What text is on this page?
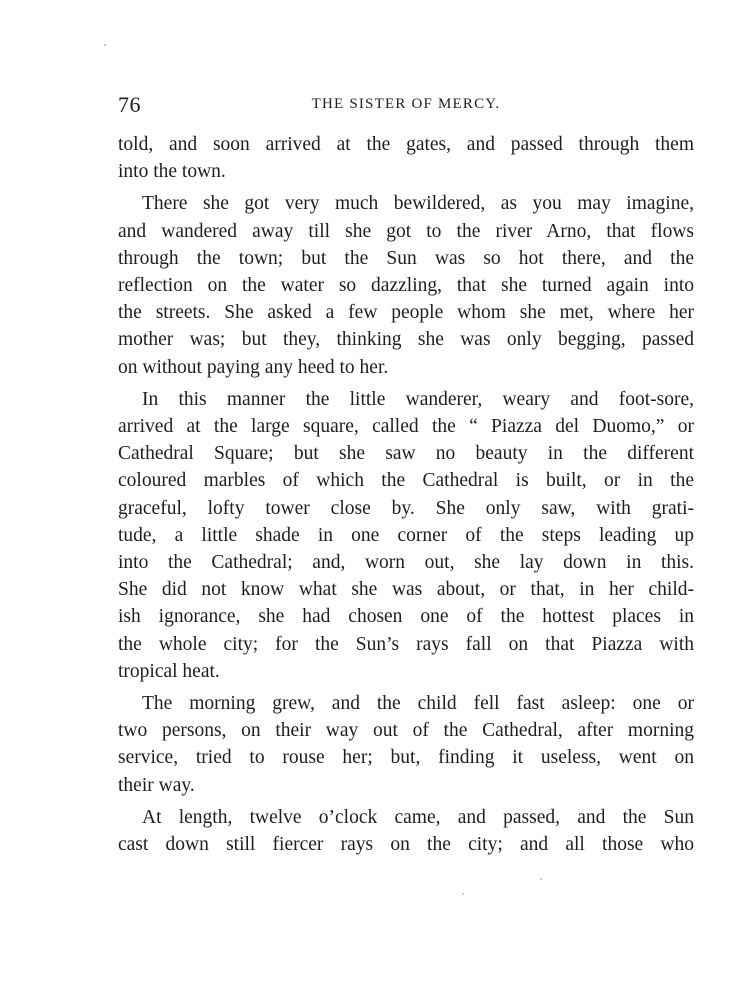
76	THE SISTER OF MERCY.

told, and soon arrived at the gates, and passed through them
into the town.

There she got very much bewildered, as you may imagine,
and wandered away till she got to the river Arno, that flows
through the town; but the Sun was so hot there, and the
reflection on the water so dazzling, that she turned again into
the streets. She asked a few people whom she met, where her
mother was; but they, thinking she was only begging, passed
on without paying any heed to her.

In this manner the little wanderer, weary and foot-sore,
arrived at the large square, called the “ Piazza del Duomo,” or
Cathedral Square; but she saw no beauty in the different
coloured marbles of which the Cathedral is built, or in the
graceful, lofty tower close by. She only saw, with grati-
tude, a little shade in one corner of the steps leading up
into the Cathedral; and, worn out, she lay down in this.
She did not know what she was about, or that, in her child-
ish ignorance, she had chosen one of the hottest places in
the whole city; for the Sun’s rays fall on that Piazza with
tropical heat.

The morning grew, and the child fell fast asleep: one or
two persons, on their way out of the Cathedral, after morning
service, tried to rouse her; but, finding it useless, went on
their way.

At length, twelve o’clock came, and passed, and the Sun
cast down still fiercer rays on the city; and all those who
